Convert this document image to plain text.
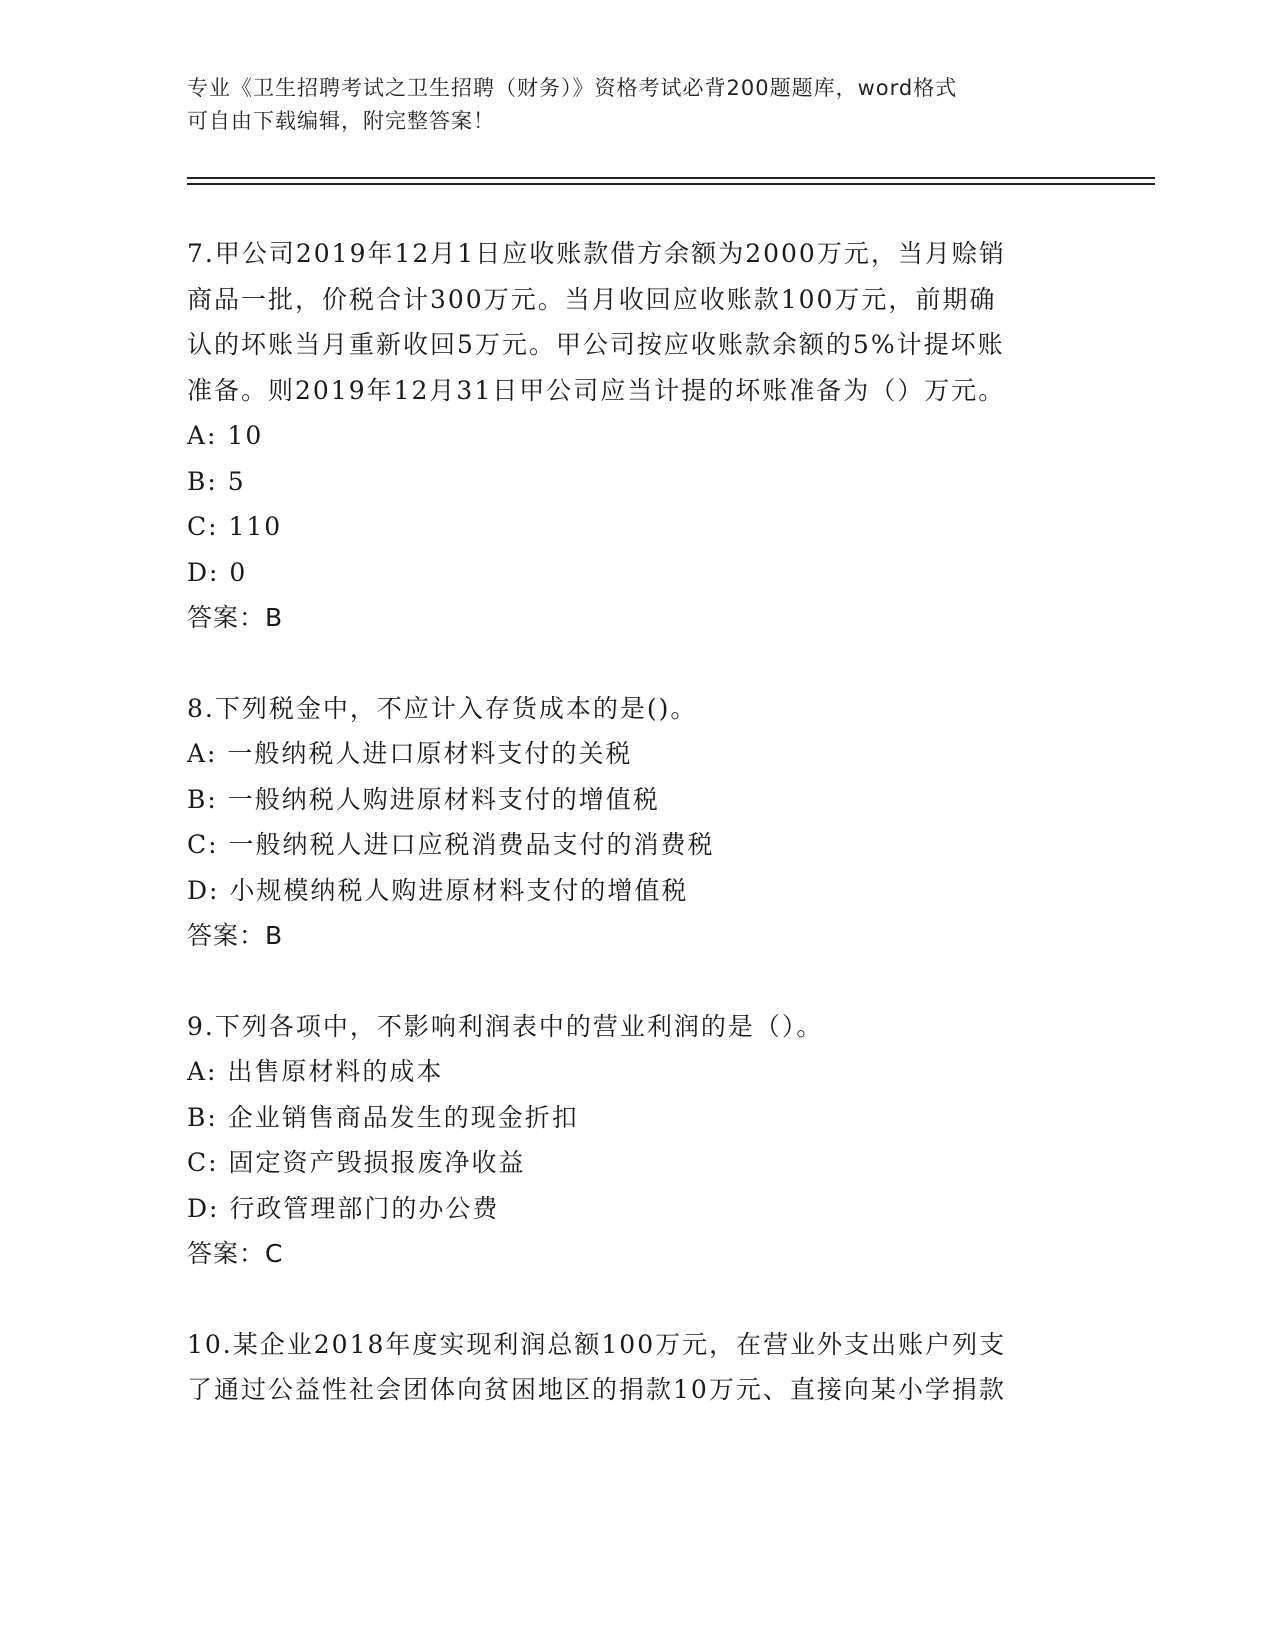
专业《卫生招聘考试之卫生招聘（财务）》资格考试必背200题题库，word格式
可自由下载编辑，附完整答案！
7.甲公司2019年12月1日应收账款借方余额为2000万元，当月赊销
商品一批，价税合计300万元。当月收回应收账款100万元，前期确
认的坏账当月重新收回5万元。甲公司按应收账款余额的5%计提坏账
准备。则2019年12月31日甲公司应当计提的坏账准备为（）万元。
A: 10
B: 5
C: 110
D: 0
答案：B
8.下列税金中，不应计入存货成本的是()。
A: 一般纳税人进口原材料支付的关税
B: 一般纳税人购进原材料支付的增值税
C: 一般纳税人进口应税消费品支付的消费税
D: 小规模纳税人购进原材料支付的增值税
答案：B
9.下列各项中，不影响利润表中的营业利润的是（）。
A: 出售原材料的成本
B: 企业销售商品发生的现金折扣
C: 固定资产毁损报废净收益
D: 行政管理部门的办公费
答案：C
10.某企业2018年度实现利润总额100万元，在营业外支出账户列支
了通过公益性社会团体向贫困地区的捐款10万元、直接向某小学捐款
